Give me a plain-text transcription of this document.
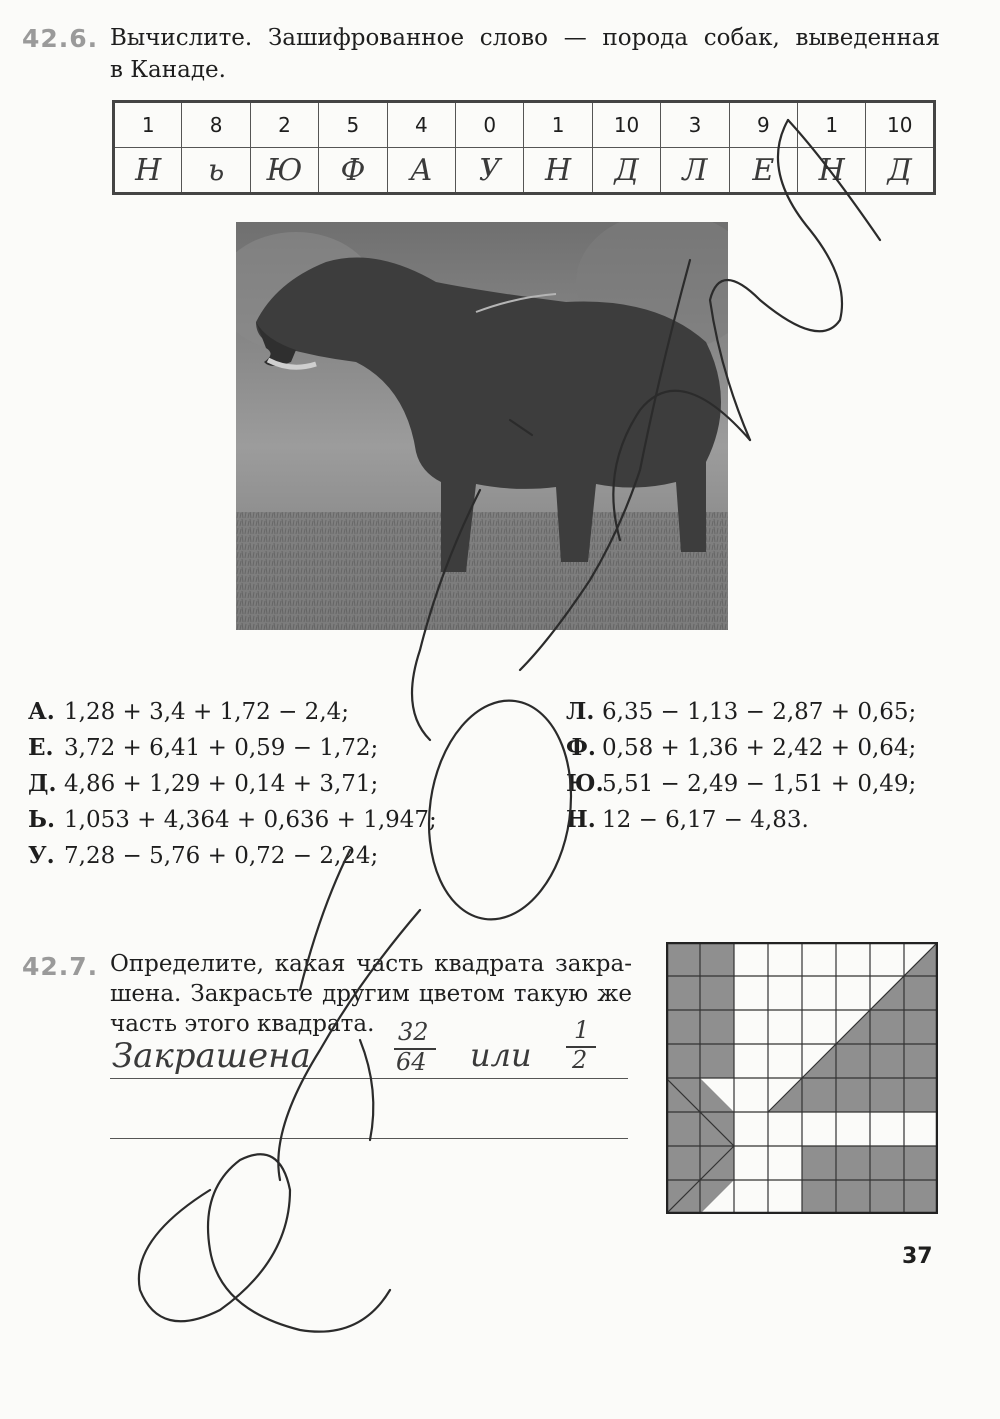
42.6. Вычислите. Зашифрованное слово — порода собак, выведенная
в Канаде.
1	8	2	5	4	0	1	10	3	9	1	10
Н	ь	Ю	Ф	А	У	Н	Д	Л	Е	Н	Д
А. 1,28 + 3,4 + 1,72 − 2,4;
Е. 3,72 + 6,41 + 0,59 − 1,72;
Д. 4,86 + 1,29 + 0,14 + 3,71;
Ь. 1,053 + 4,364 + 0,636 + 1,947;
У. 7,28 − 5,76 + 0,72 − 2,24;
Л. 6,35 − 1,13 − 2,87 + 0,65;
Ф. 0,58 + 1,36 + 2,42 + 0,64;
Ю.5,51 − 2,49 − 1,51 + 0,49;
Н. 12 − 6,17 − 4,83.
42.7. Определите, какая часть квадрата закра-
шена. Закрасьте другим цветом такую же
часть этого квадрата.
Закрашена
32
64 или
1
2
37
